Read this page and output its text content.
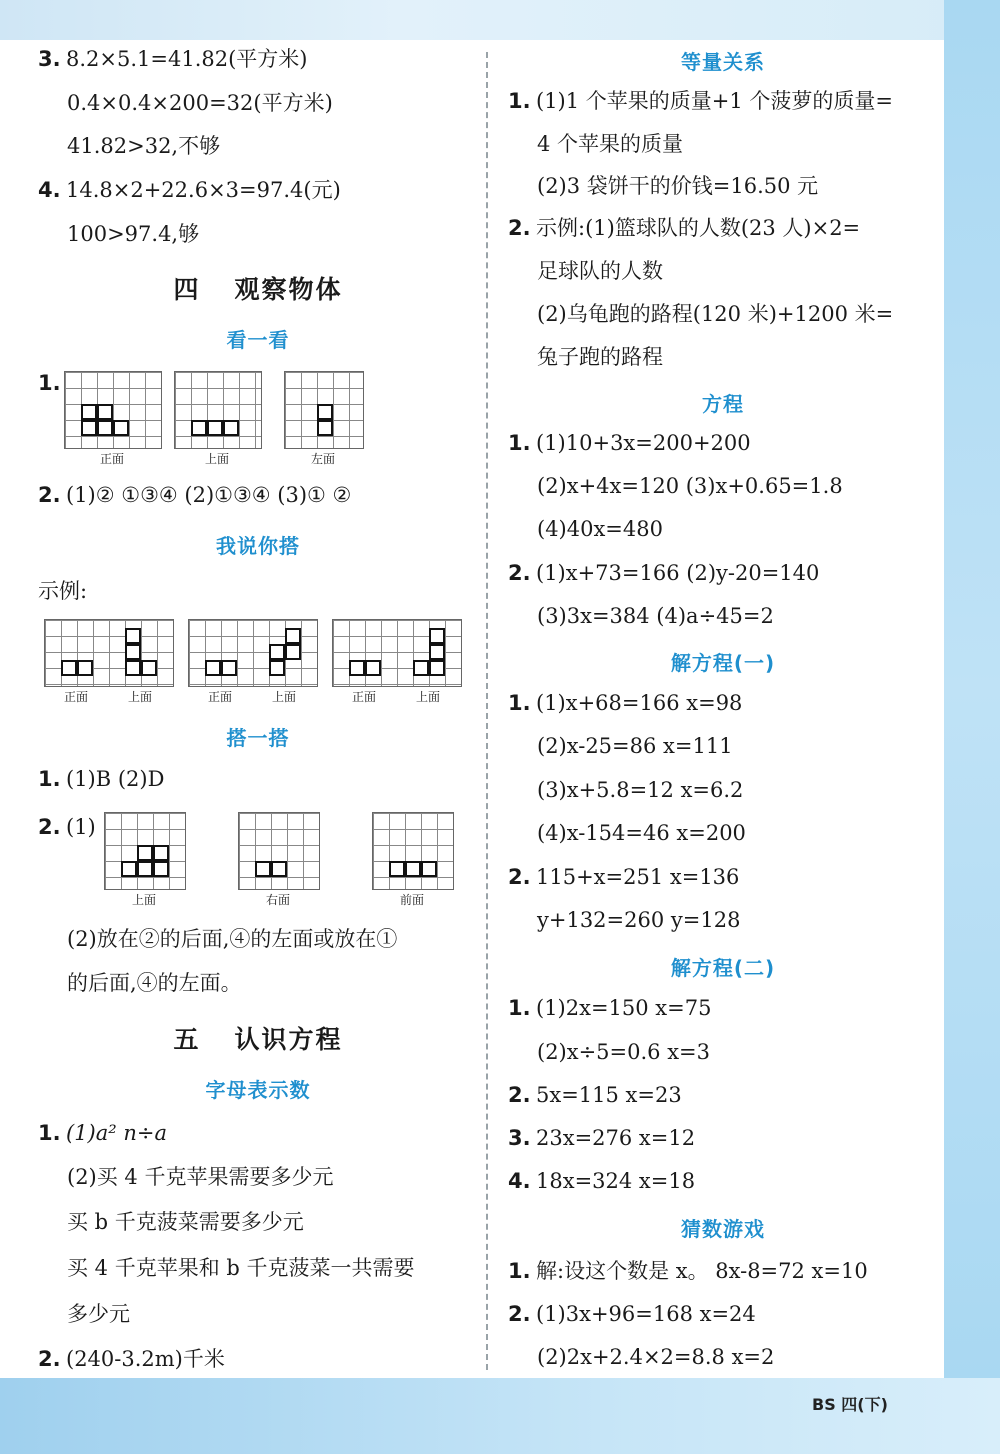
3. 8.2×5.1=41.82(平方米)
0.4×0.4×200=32(平方米)
41.82>32,不够
4. 14.8×2+22.6×3=97.4(元)
100>97.4,够
四 观察物体
看一看
1.
正面	上面	左面
2. (1)② ①③④ (2)①③④ (3)① ②
我说你搭
示例:
正面	上面	正面	上面	正面	上面
搭一搭
1. (1)B (2)D
2. (1)
上面	右面	前面
(2)放在②的后面,④的左面或放在①
的后面,④的左面。
五 认识方程
字母表示数
1. (1)a² n÷a
(2)买 4 千克苹果需要多少元
买 b 千克菠菜需要多少元
买 4 千克苹果和 b 千克菠菜一共需要
多少元
2. (240-3.2m)千米
等量关系
1. (1)1 个苹果的质量+1 个菠萝的质量=
4 个苹果的质量
(2)3 袋饼干的价钱=16.50 元
2. 示例:(1)篮球队的人数(23 人)×2=
足球队的人数
(2)乌龟跑的路程(120 米)+1200 米=
兔子跑的路程
方程
1. (1)10+3x=200+200
(2)x+4x=120 (3)x+0.65=1.8
(4)40x=480
2. (1)x+73=166 (2)y-20=140
(3)3x=384 (4)a÷45=2
解方程(一)
1. (1)x+68=166 x=98
(2)x-25=86 x=111
(3)x+5.8=12 x=6.2
(4)x-154=46 x=200
2. 115+x=251 x=136
y+132=260 y=128
解方程(二)
1. (1)2x=150 x=75
(2)x÷5=0.6 x=3
2. 5x=115 x=23
3. 23x=276 x=12
4. 18x=324 x=18
猜数游戏
1. 解:设这个数是 x。 8x-8=72 x=10
2. (1)3x+96=168 x=24
(2)2x+2.4×2=8.8 x=2
BS 四(下)
